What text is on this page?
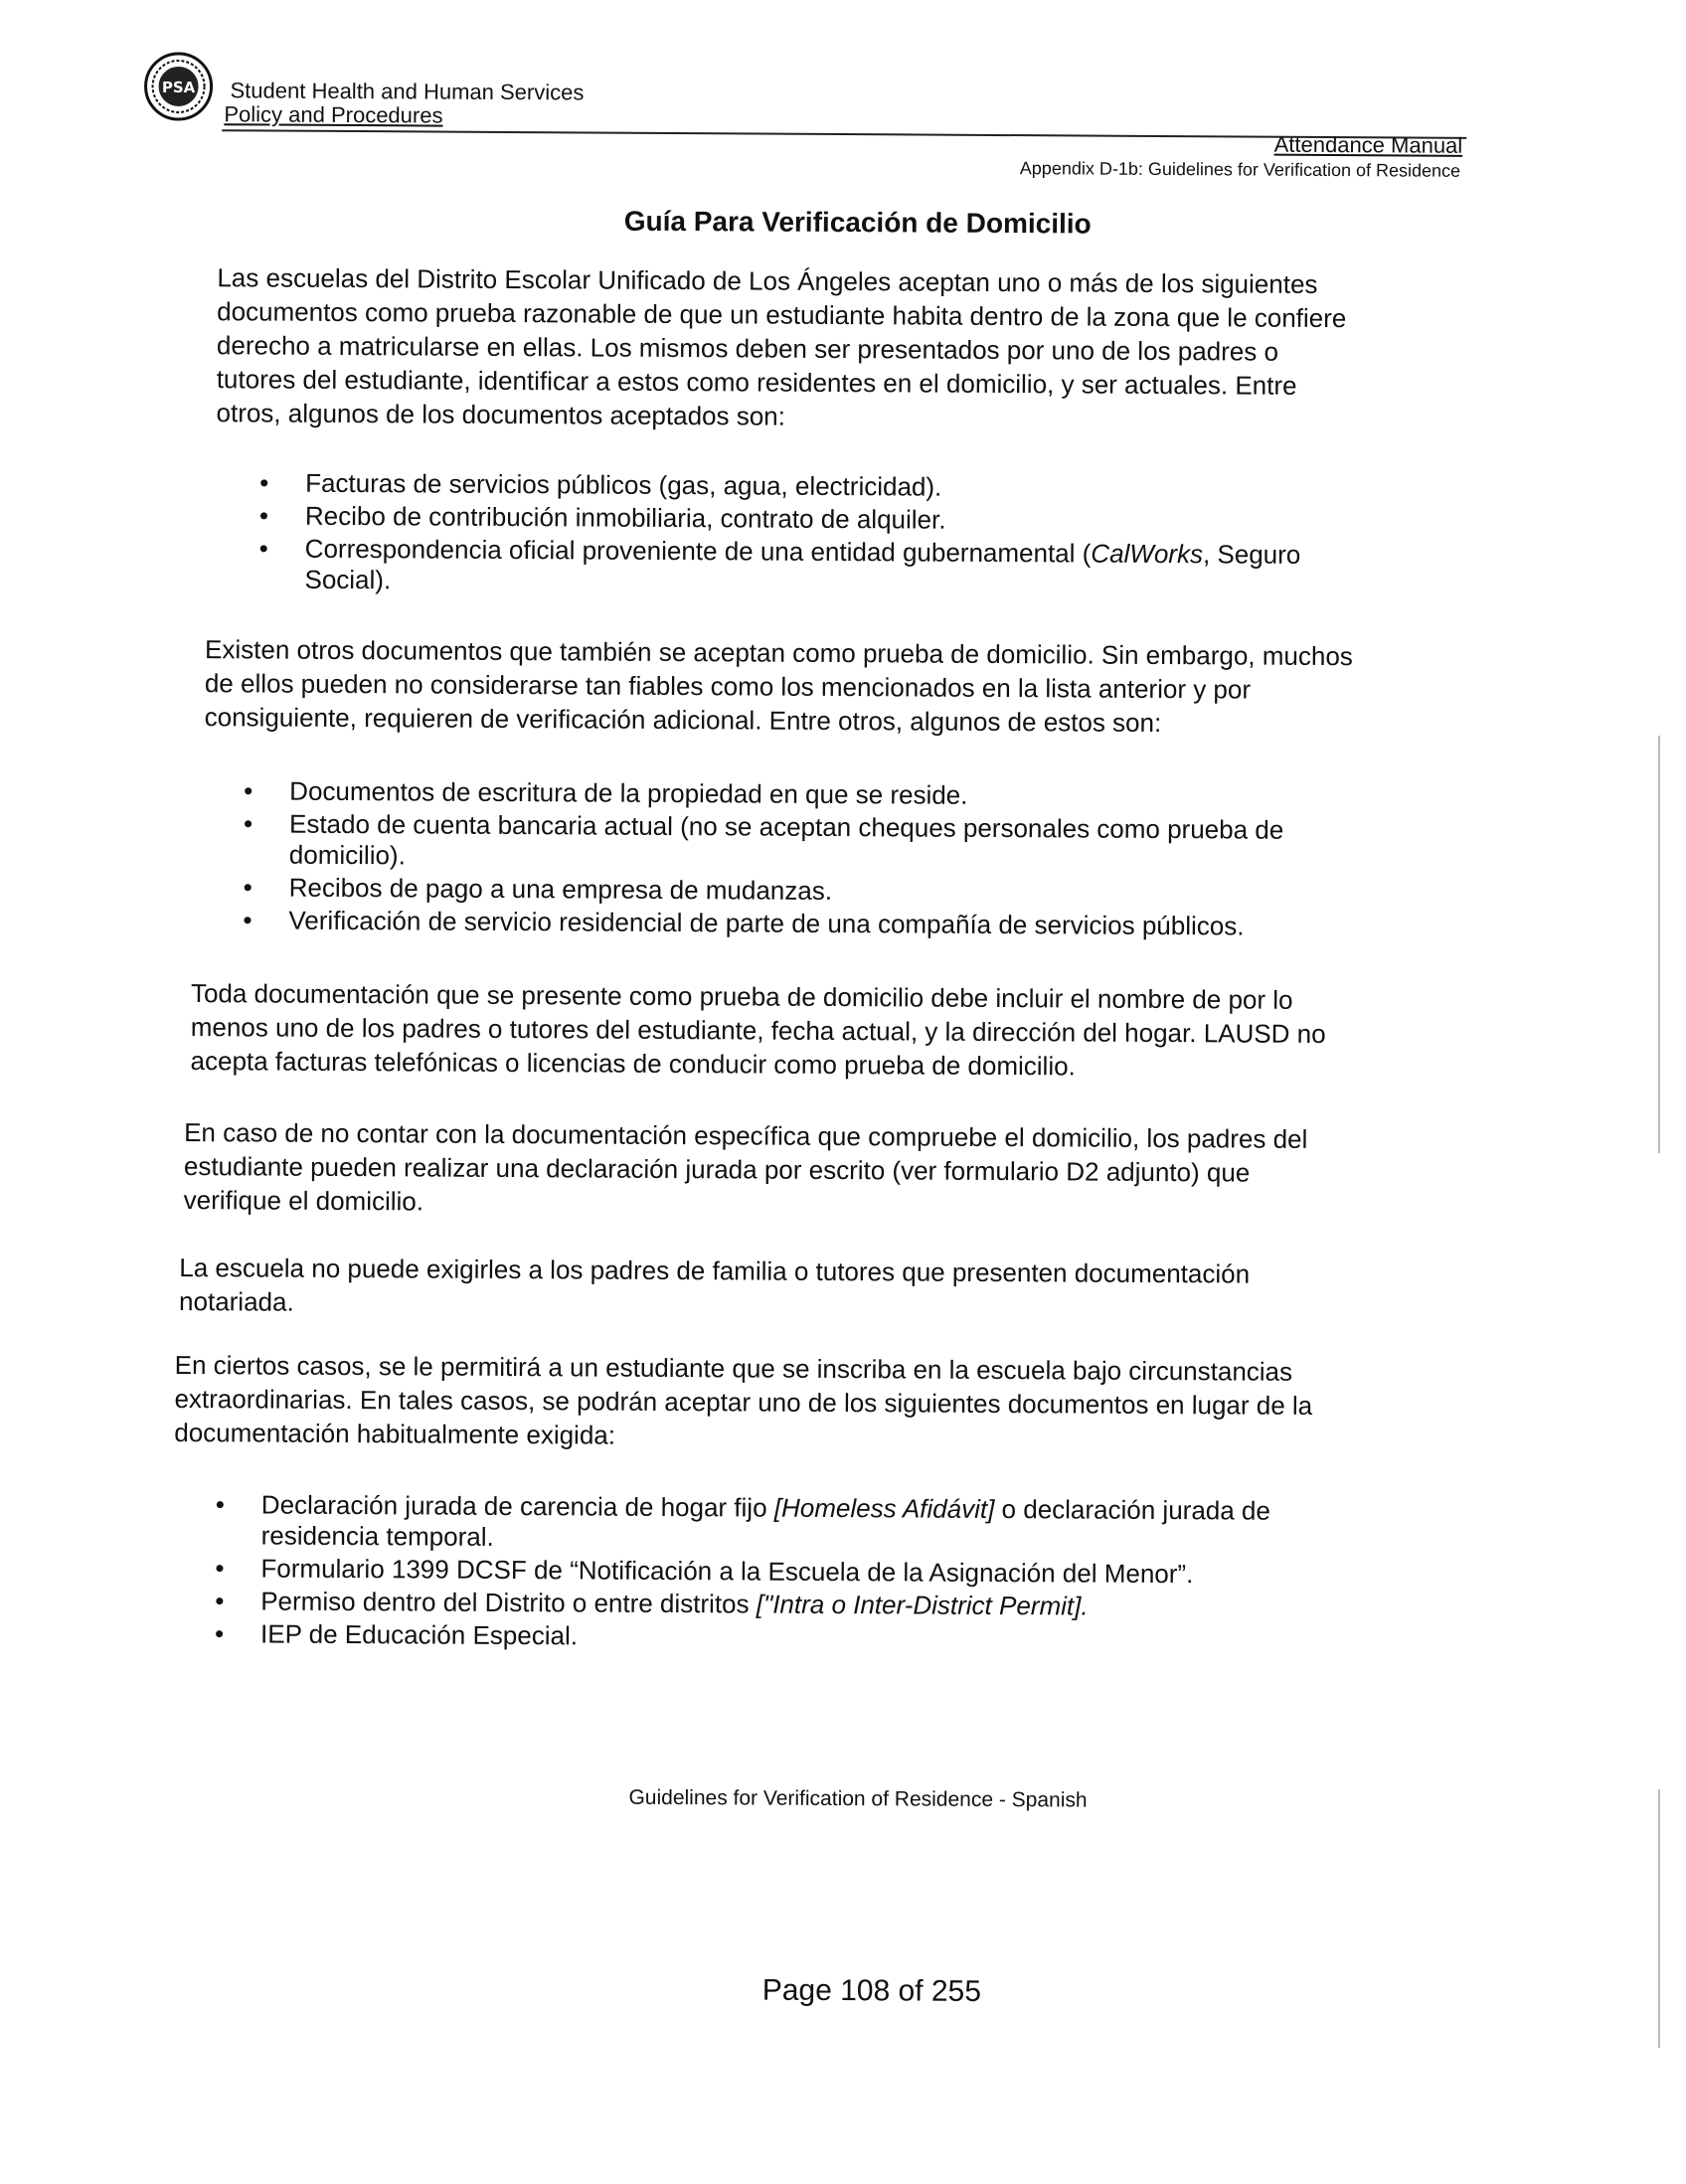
PSA Student Health and Human Services
Policy and Procedures
Attendance Manual
Appendix D-1b: Guidelines for Verification of Residence
Guía Para Verificación de Domicilio
Las escuelas del Distrito Escolar Unificado de Los Ángeles aceptan uno o más de los siguientes documentos como prueba razonable de que un estudiante habita dentro de la zona que le confiere derecho a matricularse en ellas. Los mismos deben ser presentados por uno de los padres o tutores del estudiante, identificar a estos como residentes en el domicilio, y ser actuales. Entre otros, algunos de los documentos aceptados son:
• Facturas de servicios públicos (gas, agua, electricidad).
• Recibo de contribución inmobiliaria, contrato de alquiler.
• Correspondencia oficial proveniente de una entidad gubernamental (CalWorks, Seguro Social).
Existen otros documentos que también se aceptan como prueba de domicilio. Sin embargo, muchos de ellos pueden no considerarse tan fiables como los mencionados en la lista anterior y por consiguiente, requieren de verificación adicional. Entre otros, algunos de estos son:
• Documentos de escritura de la propiedad en que se reside.
• Estado de cuenta bancaria actual (no se aceptan cheques personales como prueba de domicilio).
• Recibos de pago a una empresa de mudanzas.
• Verificación de servicio residencial de parte de una compañía de servicios públicos.
Toda documentación que se presente como prueba de domicilio debe incluir el nombre de por lo menos uno de los padres o tutores del estudiante, fecha actual, y la dirección del hogar. LAUSD no acepta facturas telefónicas o licencias de conducir como prueba de domicilio.
En caso de no contar con la documentación específica que compruebe el domicilio, los padres del estudiante pueden realizar una declaración jurada por escrito (ver formulario D2 adjunto) que verifique el domicilio.
La escuela no puede exigirles a los padres de familia o tutores que presenten documentación notariada.
En ciertos casos, se le permitirá a un estudiante que se inscriba en la escuela bajo circunstancias extraordinarias. En tales casos, se podrán aceptar uno de los siguientes documentos en lugar de la documentación habitualmente exigida:
• Declaración jurada de carencia de hogar fijo [Homeless Afidávit] o declaración jurada de residencia temporal.
• Formulario 1399 DCSF de “Notificación a la Escuela de la Asignación del Menor”.
• Permiso dentro del Distrito o entre distritos ["Intra o Inter-District Permit].
• IEP de Educación Especial.
Guidelines for Verification of Residence - Spanish
Page 108 of 255
